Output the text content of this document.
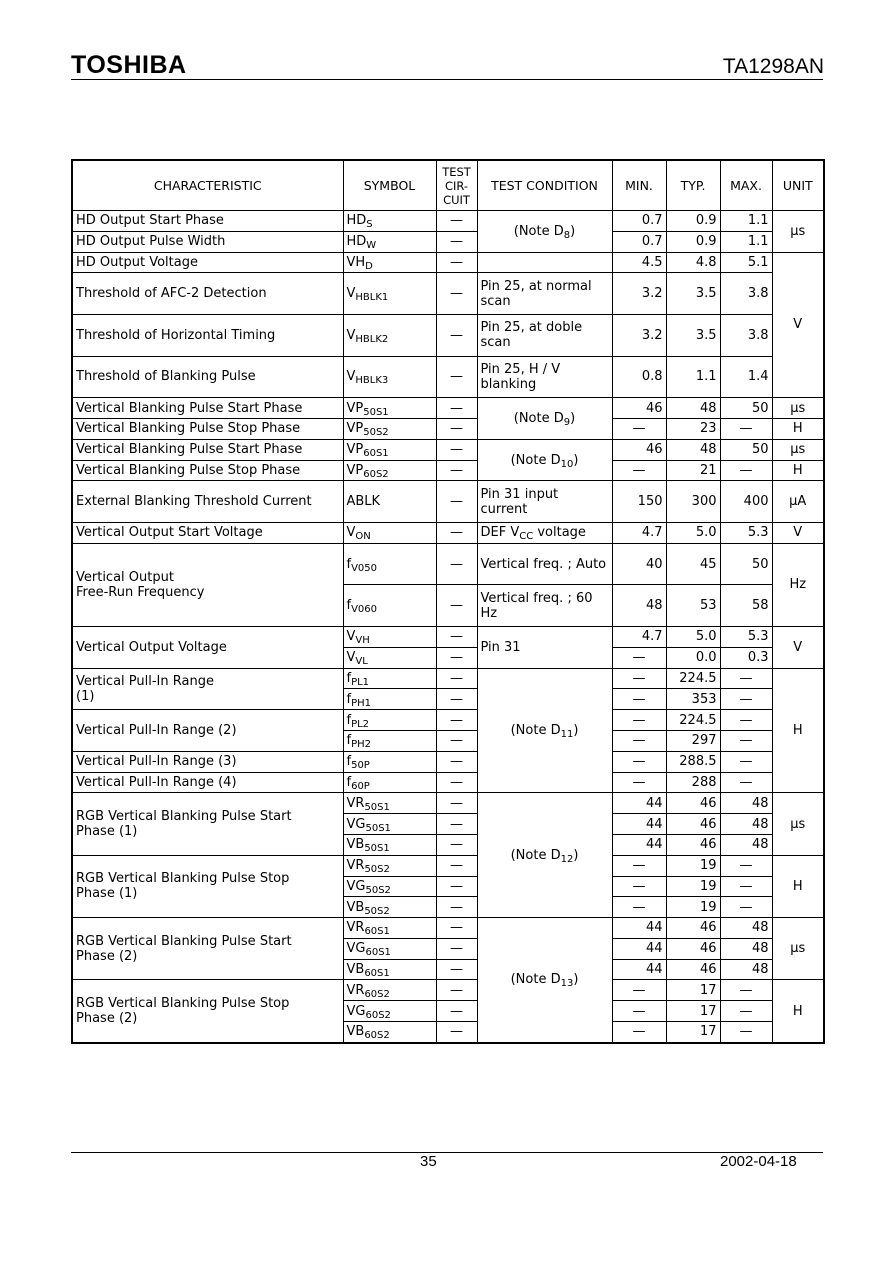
TOSHIBA	TA1298AN
CHARACTERISTIC	SYMBOL	TEST
CIR-
CUIT	TEST CONDITION	MIN.	TYP.	MAX.	UNIT
HD Output Start Phase	$HD_S$	—	(Note $D_8$)	0.7	0.9	1.1	μs
HD Output Pulse Width	$HD_W$	—		0.7	0.9	1.1	
HD Output Voltage	$VH_D$	—		4.5	4.8	5.1	V
Threshold of AFC-2 Detection	$V_{HBLK1}$	—	Pin 25, at normal scan	3.2	3.5	3.8	
Threshold of Horizontal Timing	$V_{HBLK2}$	—	Pin 25, at doble scan	3.2	3.5	3.8	
Threshold of Blanking Pulse	$V_{HBLK3}$	—	Pin 25, H / V blanking	0.8	1.1	1.4	
Vertical Blanking Pulse Start Phase	$VP_{50S1}$	—	(Note $D_9$)	46	48	50	μs
Vertical Blanking Pulse Stop Phase	$VP_{50S2}$	—		—	23	—	H
Vertical Blanking Pulse Start Phase	$VP_{60S1}$	—	(Note $D_{10}$)	46	48	50	μs
Vertical Blanking Pulse Stop Phase	$VP_{60S2}$	—		—	21	—	H
External Blanking Threshold Current	ABLK	—	Pin 31 input current	150	300	400	μA
Vertical Output Start Voltage	$V_{ON}$	—	DEF $V_{CC}$ voltage	4.7	5.0	5.3	V
Vertical Output
Free-Run Frequency	$f_{V050}$	—	Vertical freq. ; Auto	40	45	50	Hz
	$f_{V060}$	—	Vertical freq. ; 60 Hz	48	53	58	
Vertical Output Voltage	$V_{VH}$	—	Pin 31	4.7	5.0	5.3	V
	$V_{VL}$	—		—	0.0	0.3	
Vertical Pull-In Range
(1)	$f_{PL1}$	—	(Note $D_{11}$)	—	224.5	—	H
	$f_{PH1}$	—		—	353	—	
Vertical Pull-In Range (2)	$f_{PL2}$	—		—	224.5	—	
	$f_{PH2}$	—		—	297	—	
Vertical Pull-In Range (3)	$f_{50P}$	—		—	288.5	—	
Vertical Pull-In Range (4)	$f_{60P}$	—		—	288	—	
RGB Vertical Blanking Pulse Start
Phase (1)	$VR_{50S1}$	—	(Note $D_{12}$)	44	46	48	μs
	$VG_{50S1}$	—		44	46	48	
	$VB_{50S1}$	—		44	46	48	
RGB Vertical Blanking Pulse Stop
Phase (1)	$VR_{50S2}$	—		—	19	—	H
	$VG_{50S2}$	—		—	19	—	
	$VB_{50S2}$	—		—	19	—	
RGB Vertical Blanking Pulse Start
Phase (2)	$VR_{60S1}$	—	(Note $D_{13}$)	44	46	48	μs
	$VG_{60S1}$	—		44	46	48	
	$VB_{60S1}$	—		44	46	48	
RGB Vertical Blanking Pulse Stop
Phase (2)	$VR_{60S2}$	—		—	17	—	H
	$VG_{60S2}$	—		—	17	—	
	$VB_{60S2}$	—		—	17	—	
35	2002-04-18
